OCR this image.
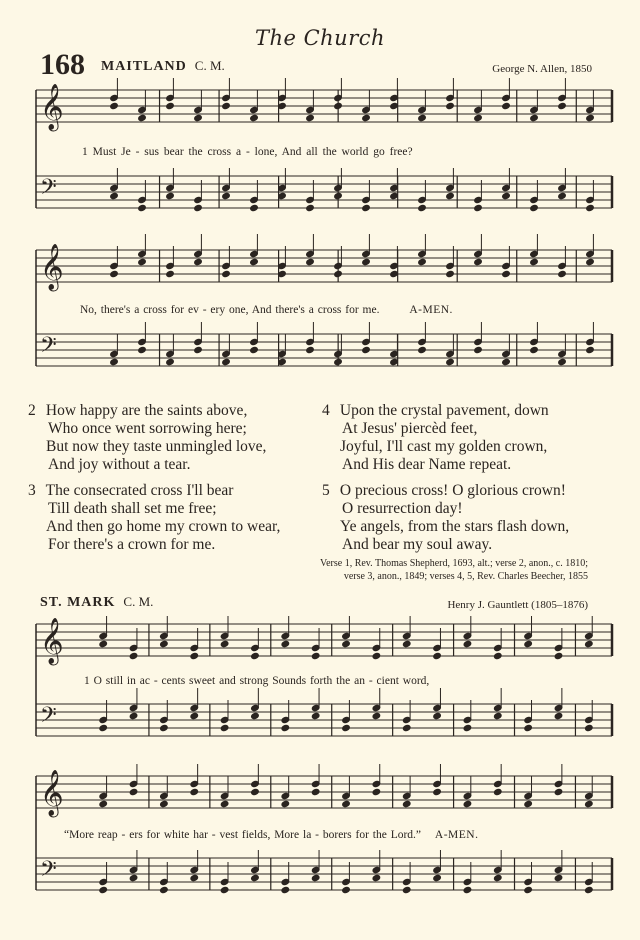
The Church
168 MAITLAND C. M.	George N. Allen, 1850
𝄞
𝄢
𝄞
𝄢
𝄞
𝄢
𝄞
𝄢
1 Must Je - sus bear the cross a - lone, And all the world go free?
No, there's a cross for ev - ery one, And there's a cross for me.	A-MEN.
2 How happy are the saints above,
Who once went sorrowing here;
But now they taste unmingled love,
And joy without a tear.
4 Upon the crystal pavement, down
At Jesus' piercèd feet,
Joyful, I'll cast my golden crown,
And His dear Name repeat.
3 The consecrated cross I'll bear
Till death shall set me free;
And then go home my crown to wear,
For there's a crown for me.
5 O precious cross! O glorious crown!
O resurrection day!
Ye angels, from the stars flash down,
And bear my soul away.
Verse 1, Rev. Thomas Shepherd, 1693, alt.; verse 2, anon., c. 1810;
verse 3, anon., 1849; verses 4, 5, Rev. Charles Beecher, 1855
ST. MARK C. M.	Henry J. Gauntlett (1805–1876)
1 O still in ac - cents sweet and strong Sounds forth the an - cient word,
“More reap - ers for white har - vest fields, More la - borers for the Lord.” A-MEN.
